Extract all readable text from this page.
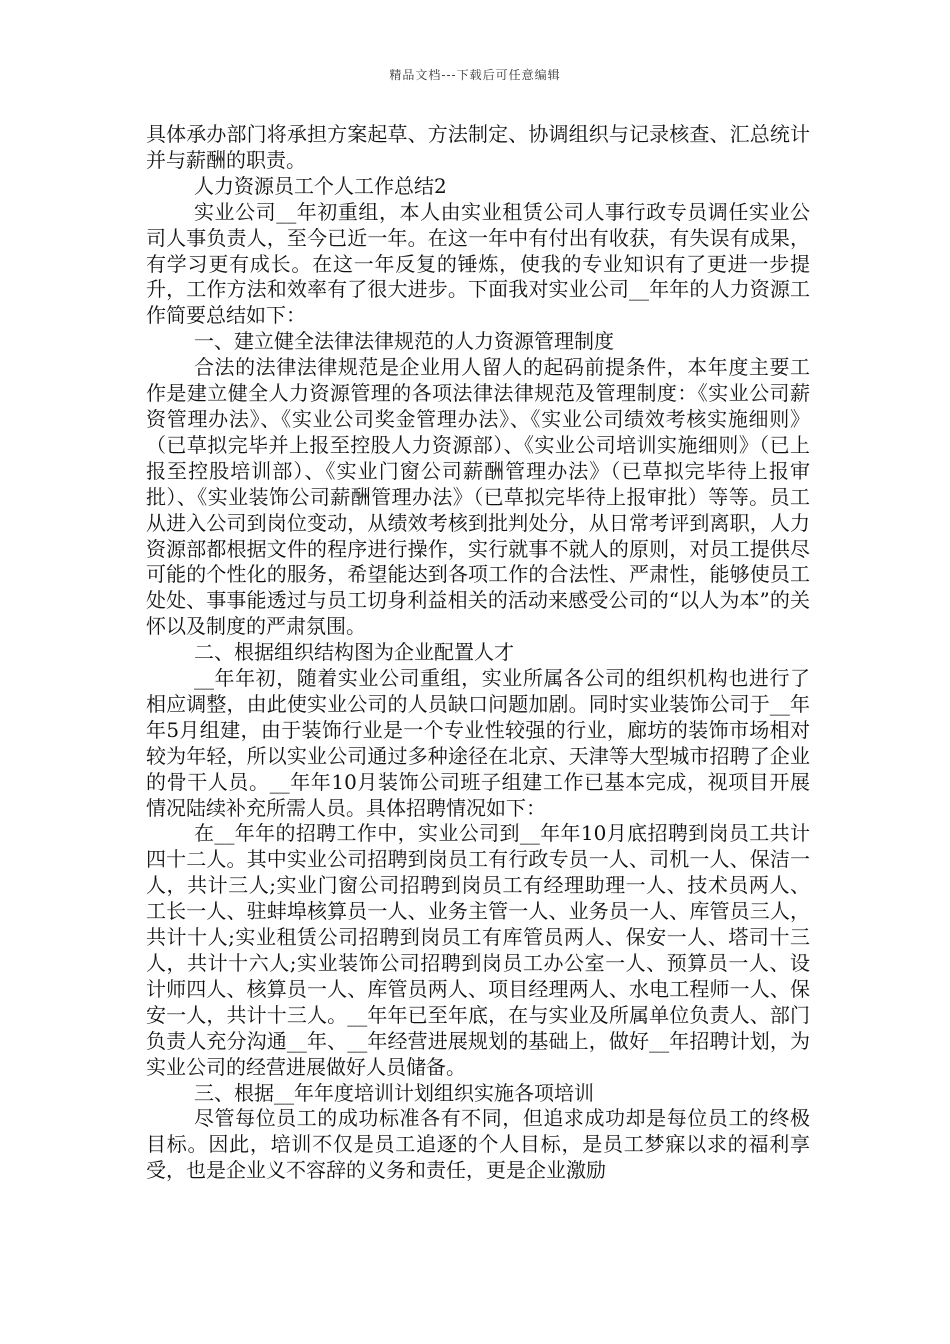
精品文档---下载后可任意编辑

具体承办部门将承担方案起草、方法制定、协调组织与记录核查、汇总统计并与薪酬的职责。

人力资源员工个人工作总结2

实业公司__年初重组，本人由实业租赁公司人事行政专员调任实业公司人事负责人，至今已近一年。在这一年中有付出有收获，有失误有成果，有学习更有成长。在这一年反复的锤炼，使我的专业知识有了更进一步提升，工作方法和效率有了很大进步。下面我对实业公司__年年的人力资源工作简要总结如下：

一、建立健全法律法律规范的人力资源管理制度

合法的法律法律规范是企业用人留人的起码前提条件，本年度主要工作是建立健全人力资源管理的各项法律法律规范及管理制度：《实业公司薪资管理办法》、《实业公司奖金管理办法》、《实业公司绩效考核实施细则》（已草拟完毕并上报至控股人力资源部）、《实业公司培训实施细则》（已上报至控股培训部）、《实业门窗公司薪酬管理办法》（已草拟完毕待上报审批）、《实业装饰公司薪酬管理办法》（已草拟完毕待上报审批）等等。员工从进入公司到岗位变动，从绩效考核到批判处分，从日常考评到离职，人力资源部都根据文件的程序进行操作，实行就事不就人的原则，对员工提供尽可能的个性化的服务，希望能达到各项工作的合法性、严肃性，能够使员工处处、事事能透过与员工切身利益相关的活动来感受公司的“以人为本”的关怀以及制度的严肃氛围。

二、根据组织结构图为企业配置人才

__年年初，随着实业公司重组，实业所属各公司的组织机构也进行了相应调整，由此使实业公司的人员缺口问题加剧。同时实业装饰公司于__年年5月组建，由于装饰行业是一个专业性较强的行业，廊坊的装饰市场相对较为年轻，所以实业公司通过多种途径在北京、天津等大型城市招聘了企业的骨干人员。__年年10月装饰公司班子组建工作已基本完成，视项目开展情况陆续补充所需人员。具体招聘情况如下：

在__年年的招聘工作中，实业公司到__年年10月底招聘到岗员工共计四十二人。其中实业公司招聘到岗员工有行政专员一人、司机一人、保洁一人，共计三人;实业门窗公司招聘到岗员工有经理助理一人、技术员两人、工长一人、驻蚌埠核算员一人、业务主管一人、业务员一人、库管员三人，共计十人;实业租赁公司招聘到岗员工有库管员两人、保安一人、塔司十三人，共计十六人;实业装饰公司招聘到岗员工办公室一人、预算员一人、设计师四人、核算员一人、库管员两人、项目经理两人、水电工程师一人、保安一人，共计十三人。__年年已至年底，在与实业及所属单位负责人、部门负责人充分沟通__年、__年经营进展规划的基础上，做好__年招聘计划，为实业公司的经营进展做好人员储备。

三、根据__年年度培训计划组织实施各项培训

尽管每位员工的成功标准各有不同，但追求成功却是每位员工的终极目标。因此，培训不仅是员工追逐的个人目标，是员工梦寐以求的福利享受，也是企业义不容辞的义务和责任，更是企业激励
